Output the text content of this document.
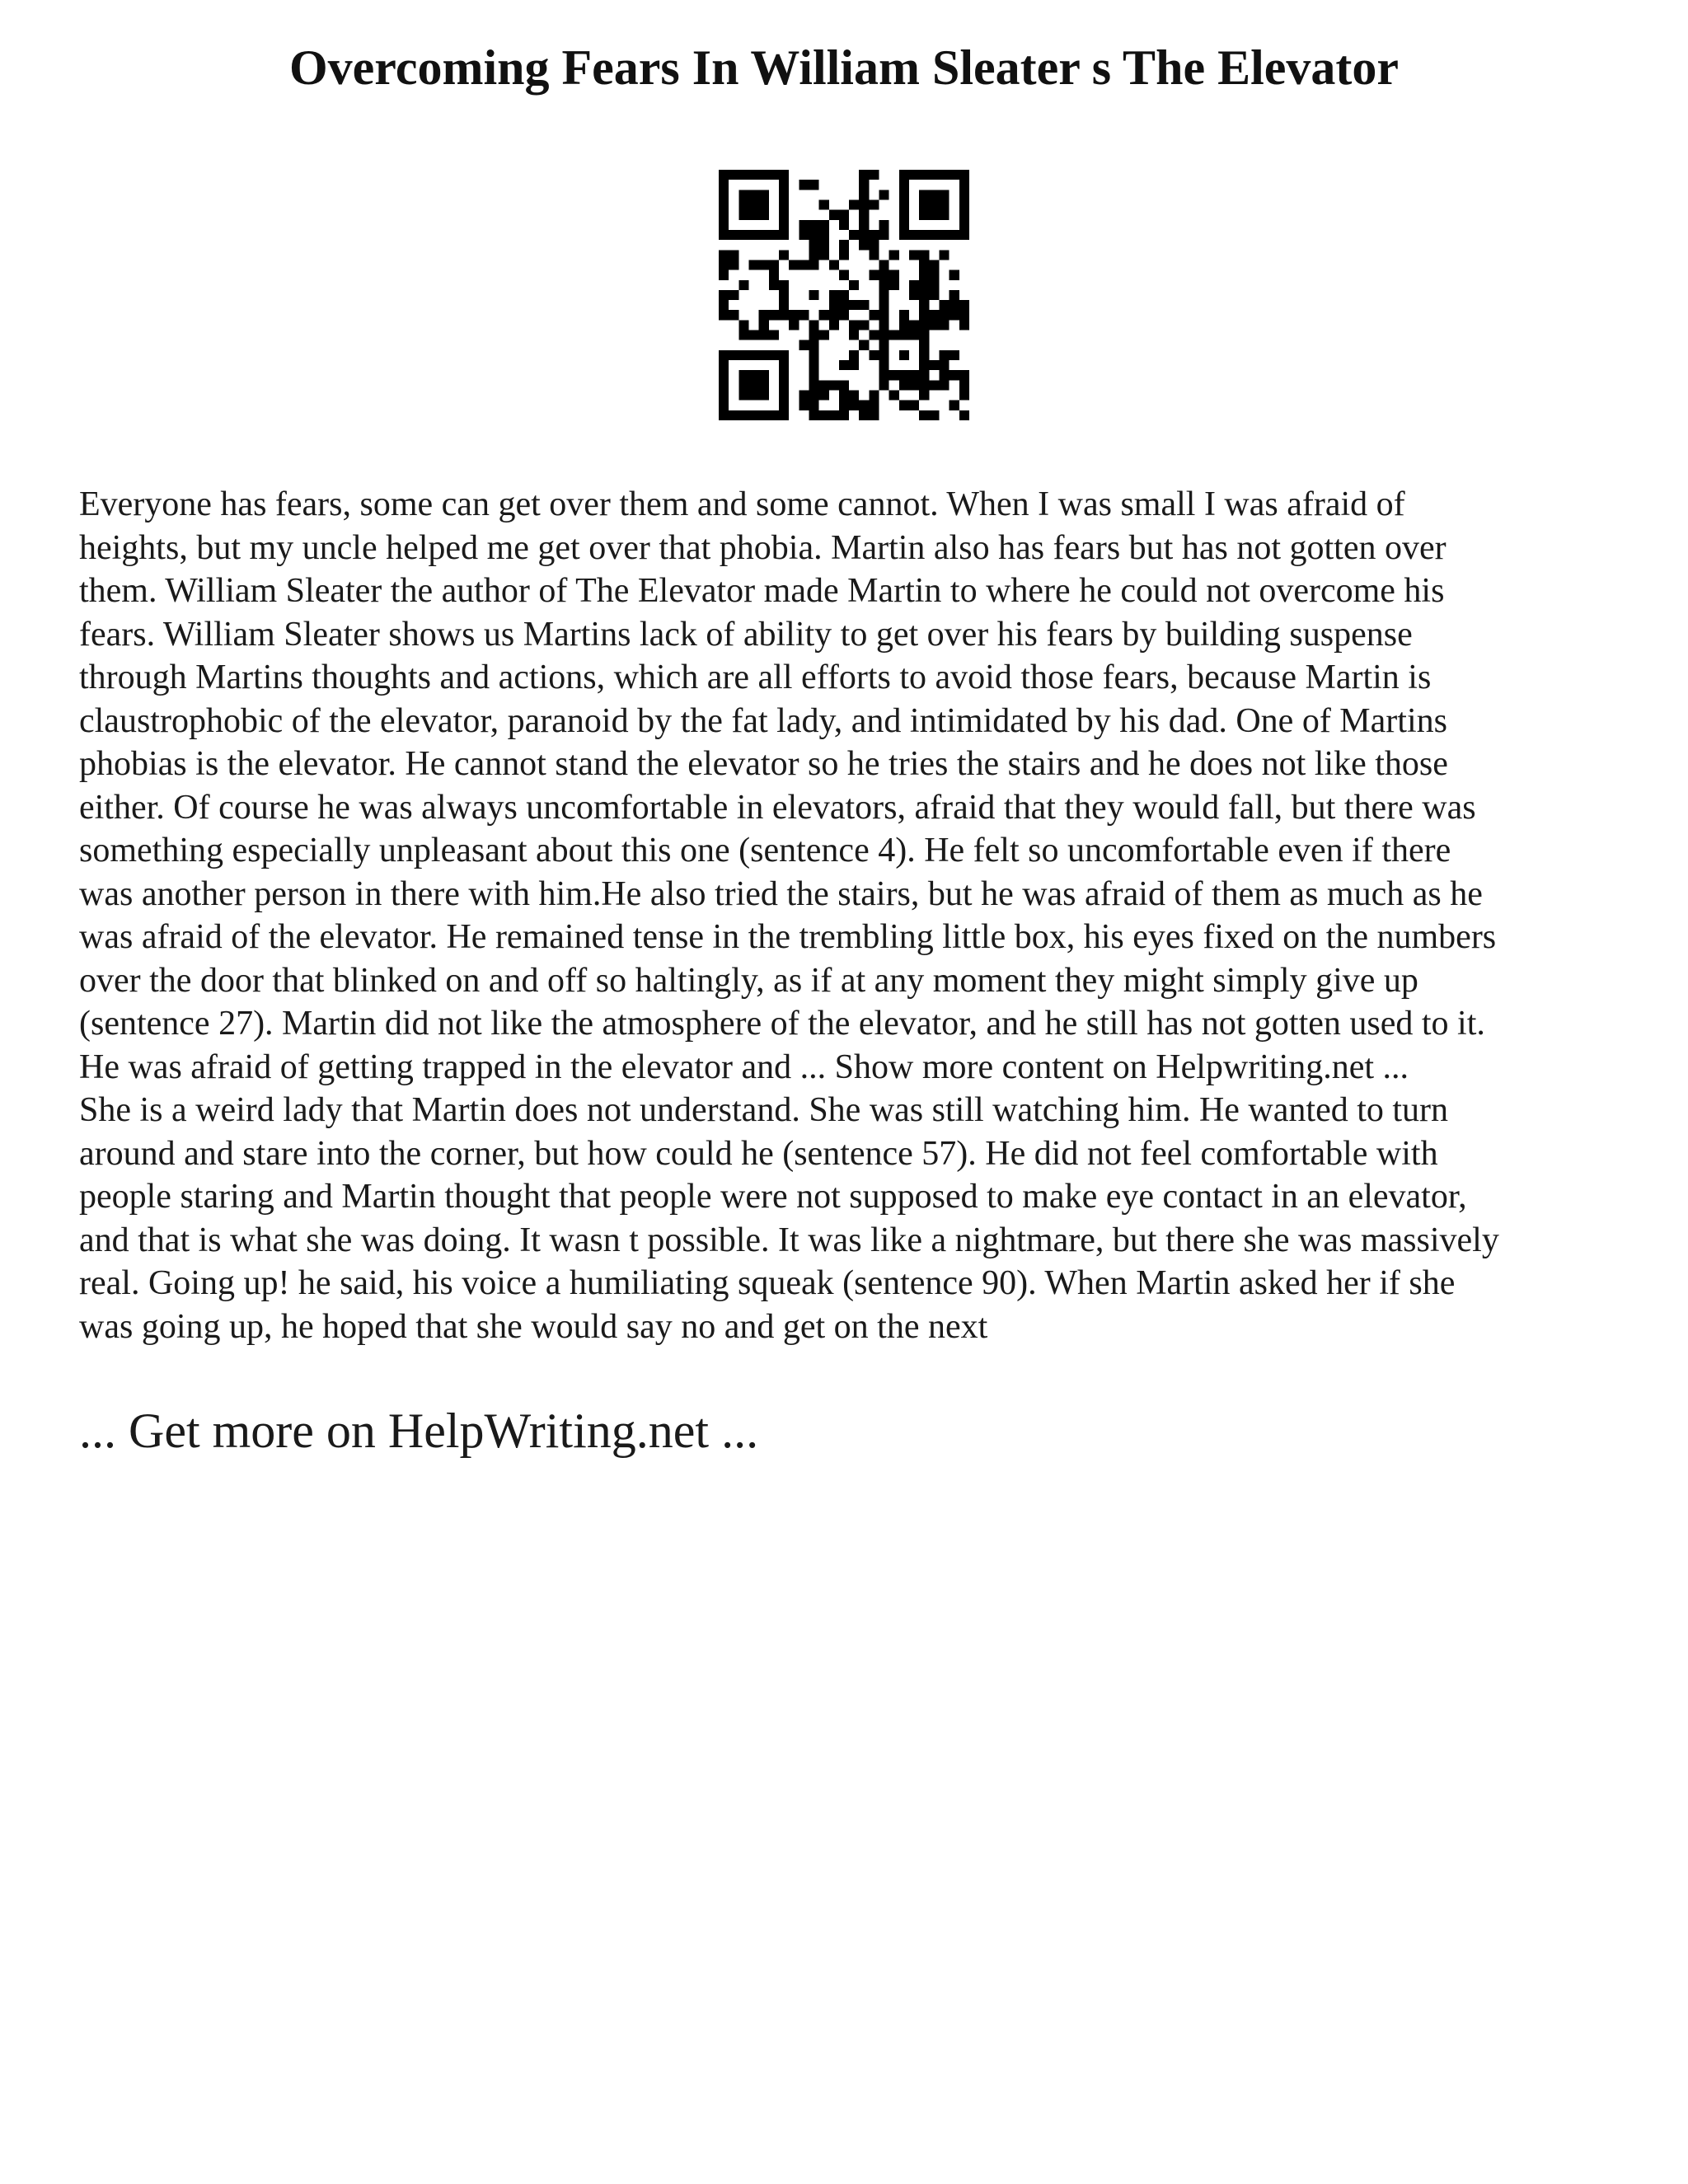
Overcoming Fears In William Sleater s The Elevator
Everyone has fears, some can get over them and some cannot. When I was small I was afraid of
heights, but my uncle helped me get over that phobia. Martin also has fears but has not gotten over
them. William Sleater the author of The Elevator made Martin to where he could not overcome his
fears. William Sleater shows us Martins lack of ability to get over his fears by building suspense
through Martins thoughts and actions, which are all efforts to avoid those fears, because Martin is
claustrophobic of the elevator, paranoid by the fat lady, and intimidated by his dad. One of Martins
phobias is the elevator. He cannot stand the elevator so he tries the stairs and he does not like those
either. Of course he was always uncomfortable in elevators, afraid that they would fall, but there was
something especially unpleasant about this one (sentence 4). He felt so uncomfortable even if there
was another person in there with him.He also tried the stairs, but he was afraid of them as much as he
was afraid of the elevator. He remained tense in the trembling little box, his eyes fixed on the numbers
over the door that blinked on and off so haltingly, as if at any moment they might simply give up
(sentence 27). Martin did not like the atmosphere of the elevator, and he still has not gotten used to it.
He was afraid of getting trapped in the elevator and ... Show more content on Helpwriting.net ...
She is a weird lady that Martin does not understand. She was still watching him. He wanted to turn
around and stare into the corner, but how could he (sentence 57). He did not feel comfortable with
people staring and Martin thought that people were not supposed to make eye contact in an elevator,
and that is what she was doing. It wasn t possible. It was like a nightmare, but there she was massively
real. Going up! he said, his voice a humiliating squeak (sentence 90). When Martin asked her if she
was going up, he hoped that she would say no and get on the next

... Get more on HelpWriting.net ...
